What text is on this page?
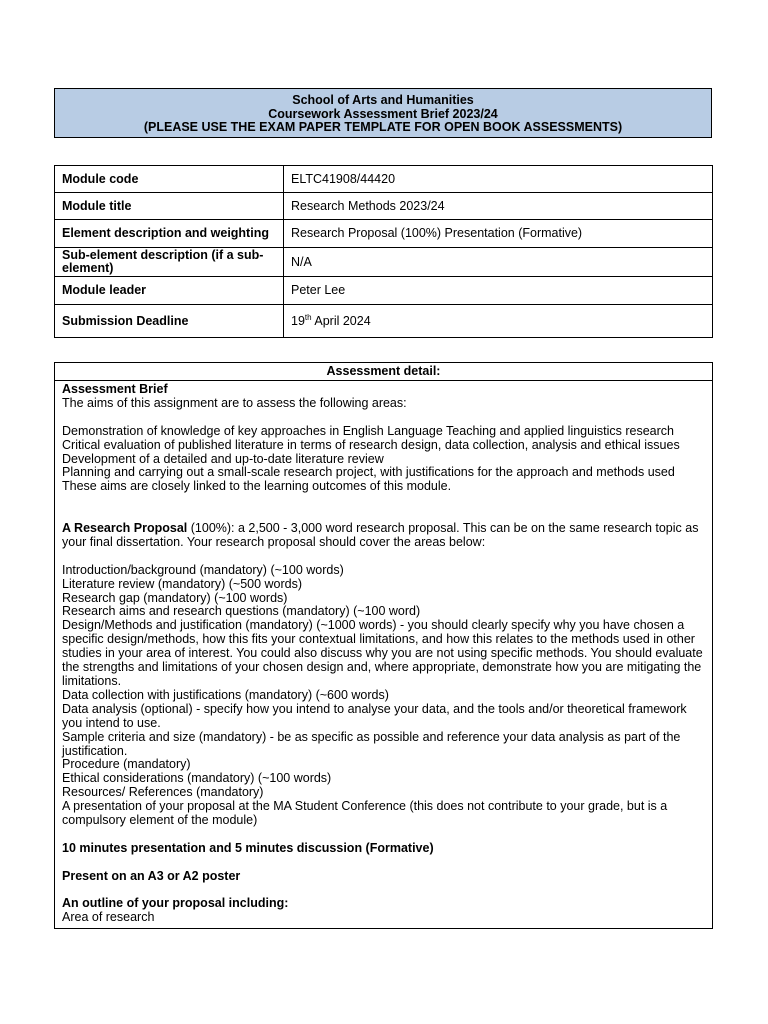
School of Arts and Humanities
Coursework Assessment Brief 2023/24
(PLEASE USE THE EXAM PAPER TEMPLATE FOR OPEN BOOK ASSESSMENTS)
Module code	ELTC41908/44420
Module title	Research Methods 2023/24
Element description and weighting	Research Proposal (100%) Presentation (Formative)
Sub-element description (if a sub-element)	N/A
Module leader	Peter Lee
Submission Deadline	19th April 2024
Assessment detail:

Assessment Brief

The aims of this assignment are to assess the following areas:

Demonstration of knowledge of key approaches in English Language Teaching and applied linguistics research

Critical evaluation of published literature in terms of research design, data collection, analysis and ethical issues

Development of a detailed and up-to-date literature review

Planning and carrying out a small-scale research project, with justifications for the approach and methods used

These aims are closely linked to the learning outcomes of this module.

A Research Proposal (100%): a 2,500 - 3,000 word research proposal. This can be on the same research topic as your final dissertation. Your research proposal should cover the areas below:

Introduction/background (mandatory) (~100 words)

Literature review (mandatory) (~500 words)

Research gap (mandatory) (~100 words)

Research aims and research questions (mandatory) (~100 word)

Design/Methods and justification (mandatory) (~1000 words) - you should clearly specify why you have chosen a specific design/methods, how this fits your contextual limitations, and how this relates to the methods used in other studies in your area of interest. You could also discuss why you are not using specific methods. You should evaluate the strengths and limitations of your chosen design and, where appropriate, demonstrate how you are mitigating the limitations.

Data collection with justifications (mandatory) (~600 words)

Data analysis (optional) - specify how you intend to analyse your data, and the tools and/or theoretical framework you intend to use.

Sample criteria and size (mandatory) - be as specific as possible and reference your data analysis as part of the justification.

Procedure (mandatory)

Ethical considerations (mandatory) (~100 words)

Resources/ References (mandatory)

A presentation of your proposal at the MA Student Conference (this does not contribute to your grade, but is a compulsory element of the module)

10 minutes presentation and 5 minutes discussion (Formative)

Present on an A3 or A2 poster

An outline of your proposal including:

Area of research
